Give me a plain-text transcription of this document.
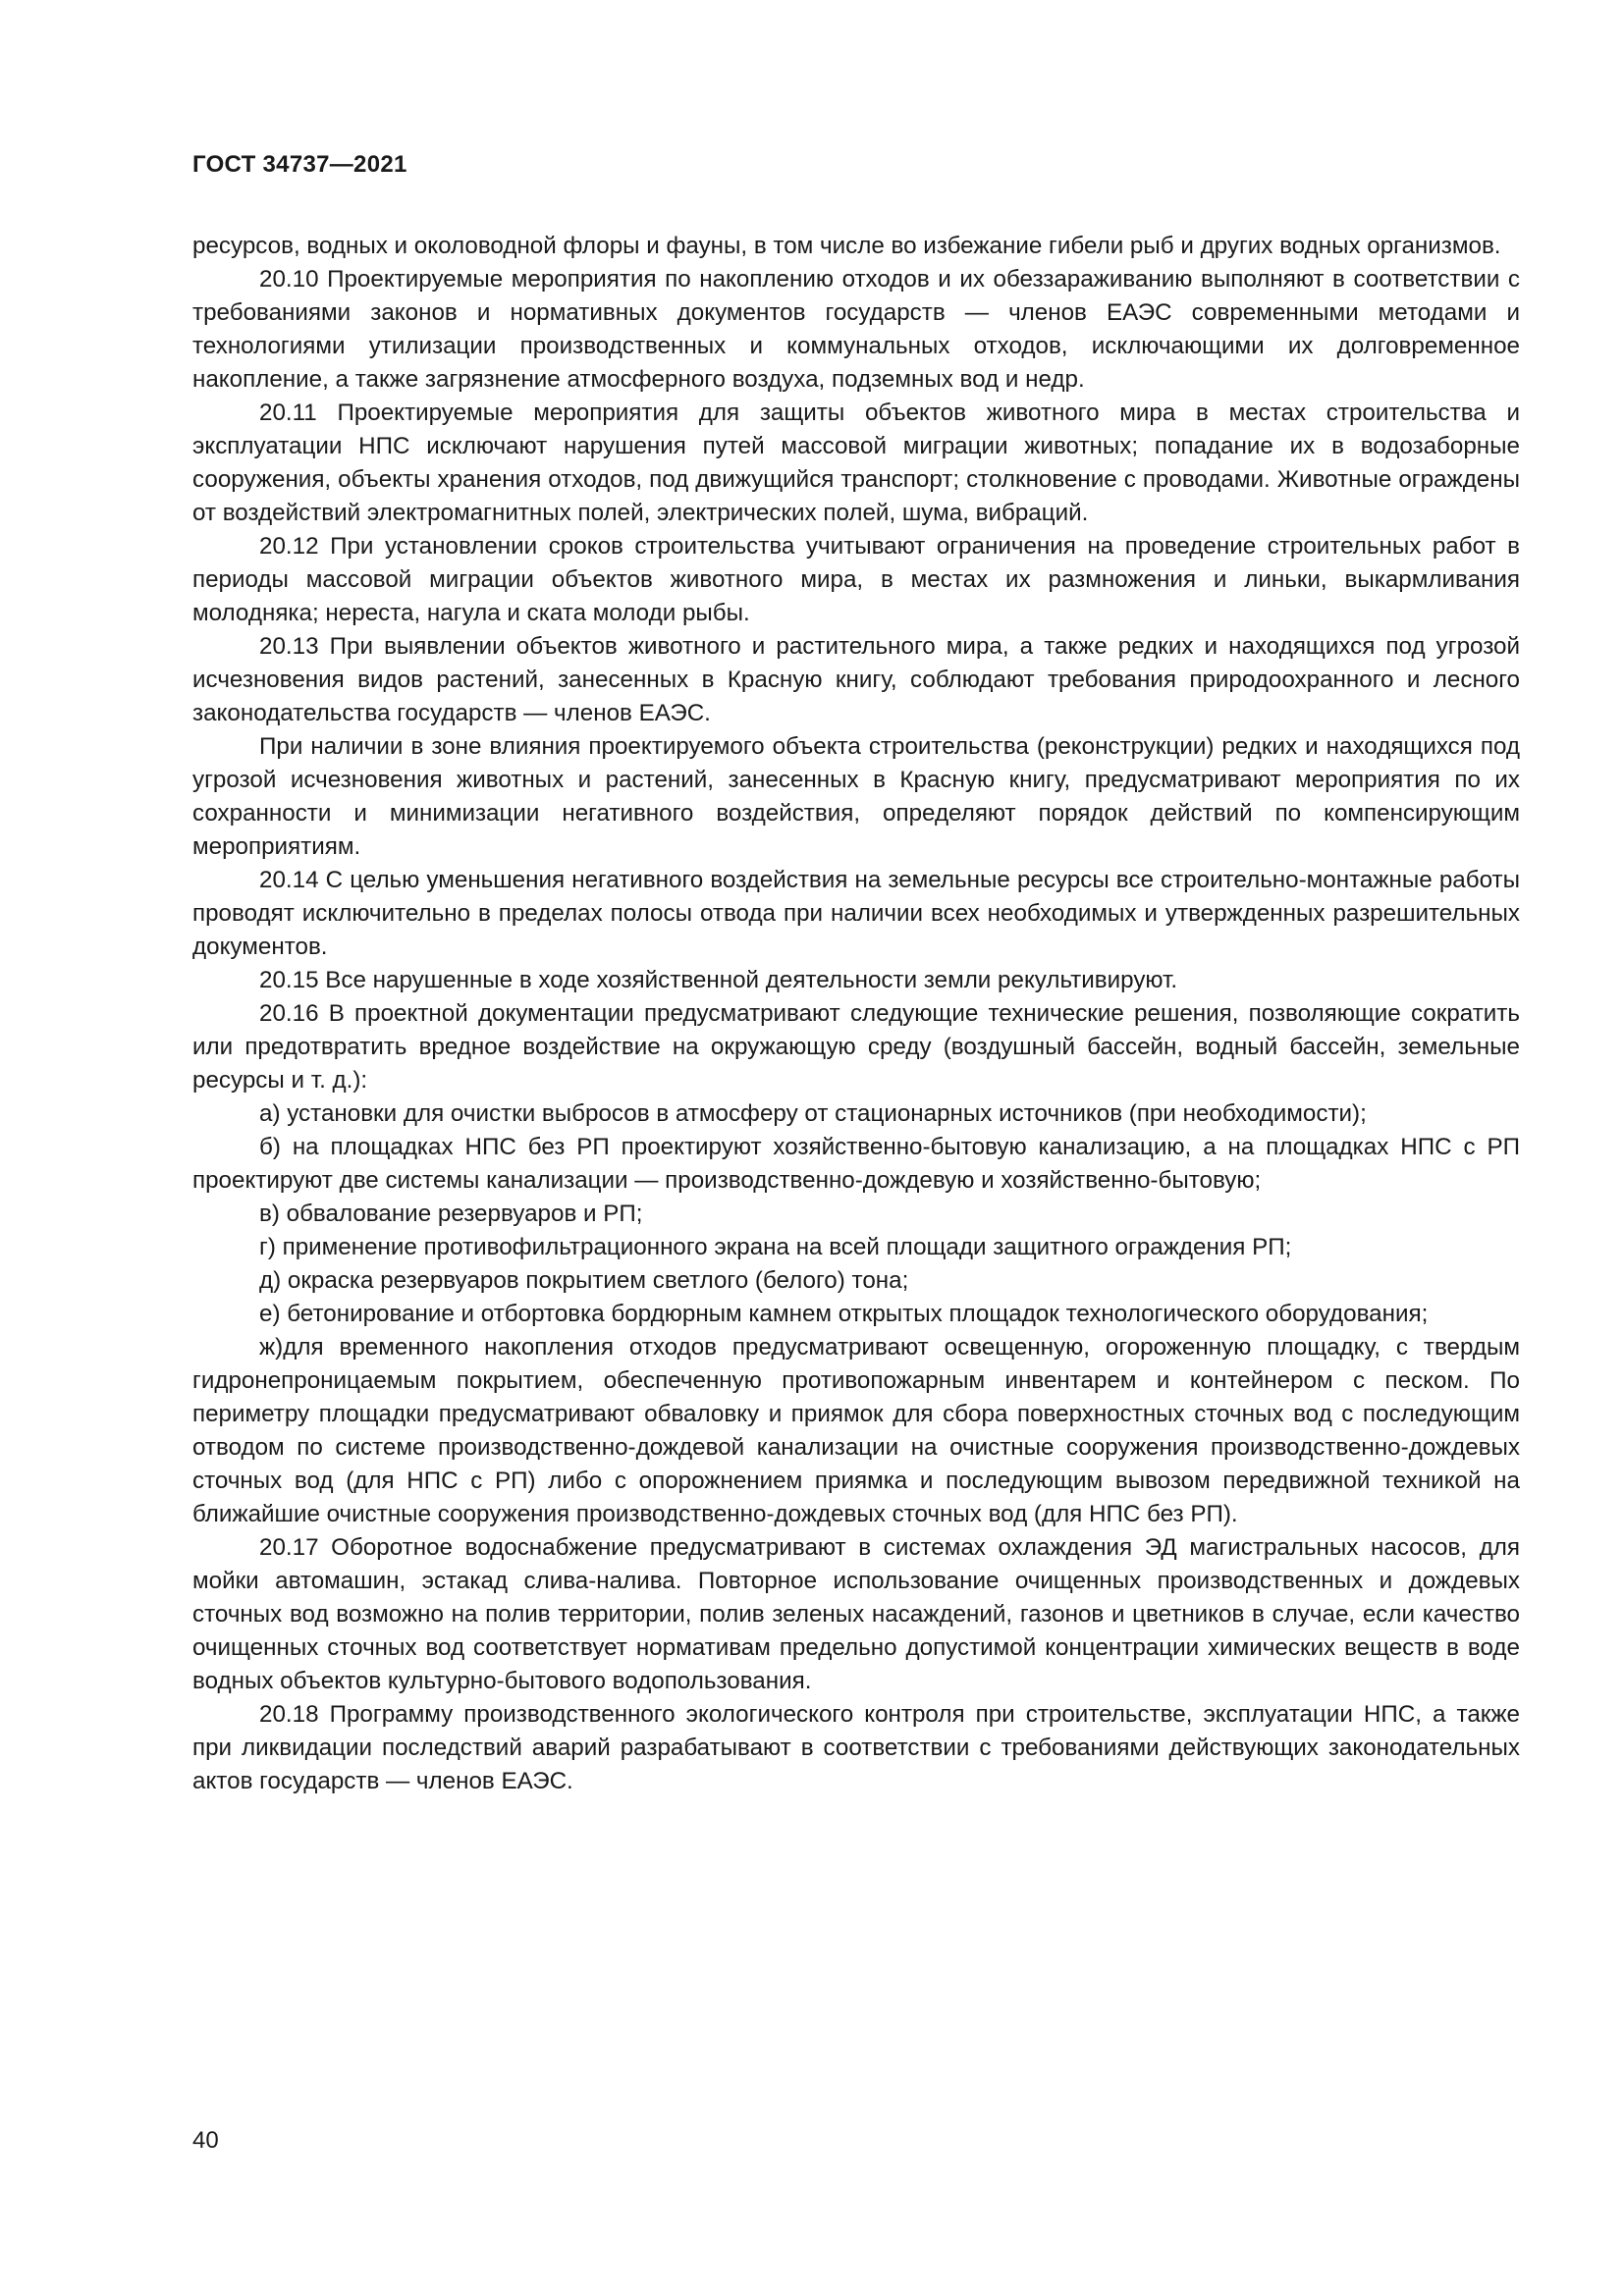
ГОСТ 34737—2021

ресурсов, водных и околоводной флоры и фауны, в том числе во избежание гибели рыб и других водных организмов.

20.10 Проектируемые мероприятия по накоплению отходов и их обеззараживанию выполняют в соответствии с требованиями законов и нормативных документов государств — членов ЕАЭС современными методами и технологиями утилизации производственных и коммунальных отходов, исключающими их долговременное накопление, а также загрязнение атмосферного воздуха, подземных вод и недр.

20.11 Проектируемые мероприятия для защиты объектов животного мира в местах строительства и эксплуатации НПС исключают нарушения путей массовой миграции животных; попадание их в водозаборные сооружения, объекты хранения отходов, под движущийся транспорт; столкновение с проводами. Животные ограждены от воздействий электромагнитных полей, электрических полей, шума, вибраций.

20.12 При установлении сроков строительства учитывают ограничения на проведение строительных работ в периоды массовой миграции объектов животного мира, в местах их размножения и линьки, выкармливания молодняка; нереста, нагула и ската молоди рыбы.

20.13 При выявлении объектов животного и растительного мира, а также редких и находящихся под угрозой исчезновения видов растений, занесенных в Красную книгу, соблюдают требования природоохранного и лесного законодательства государств — членов ЕАЭС.

При наличии в зоне влияния проектируемого объекта строительства (реконструкции) редких и находящихся под угрозой исчезновения животных и растений, занесенных в Красную книгу, предусматривают мероприятия по их сохранности и минимизации негативного воздействия, определяют порядок действий по компенсирующим мероприятиям.

20.14 С целью уменьшения негативного воздействия на земельные ресурсы все строительно-монтажные работы проводят исключительно в пределах полосы отвода при наличии всех необходимых и утвержденных разрешительных документов.

20.15 Все нарушенные в ходе хозяйственной деятельности земли рекультивируют.

20.16 В проектной документации предусматривают следующие технические решения, позволяющие сократить или предотвратить вредное воздействие на окружающую среду (воздушный бассейн, водный бассейн, земельные ресурсы и т. д.):

а) установки для очистки выбросов в атмосферу от стационарных источников (при необходимости);

б) на площадках НПС без РП проектируют хозяйственно-бытовую канализацию, а на площадках НПС с РП проектируют две системы канализации — производственно-дождевую и хозяйственно-бытовую;

в) обвалование резервуаров и РП;

г) применение противофильтрационного экрана на всей площади защитного ограждения РП;

д) окраска резервуаров покрытием светлого (белого) тона;

е) бетонирование и отбортовка бордюрным камнем открытых площадок технологического оборудования;

ж)для временного накопления отходов предусматривают освещенную, огороженную площадку, с твердым гидронепроницаемым покрытием, обеспеченную противопожарным инвентарем и контейнером с песком. По периметру площадки предусматривают обваловку и приямок для сбора поверхностных сточных вод с последующим отводом по системе производственно-дождевой канализации на очистные сооружения производственно-дождевых сточных вод (для НПС с РП) либо с опорожнением приямка и последующим вывозом передвижной техникой на ближайшие очистные сооружения производственно-дождевых сточных вод (для НПС без РП).

20.17 Оборотное водоснабжение предусматривают в системах охлаждения ЭД магистральных насосов, для мойки автомашин, эстакад слива-налива. Повторное использование очищенных производственных и дождевых сточных вод возможно на полив территории, полив зеленых насаждений, газонов и цветников в случае, если качество очищенных сточных вод соответствует нормативам предельно допустимой концентрации химических веществ в воде водных объектов культурно-бытового водопользования.

20.18 Программу производственного экологического контроля при строительстве, эксплуатации НПС, а также при ликвидации последствий аварий разрабатывают в соответствии с требованиями действующих законодательных актов государств — членов ЕАЭС.

40
